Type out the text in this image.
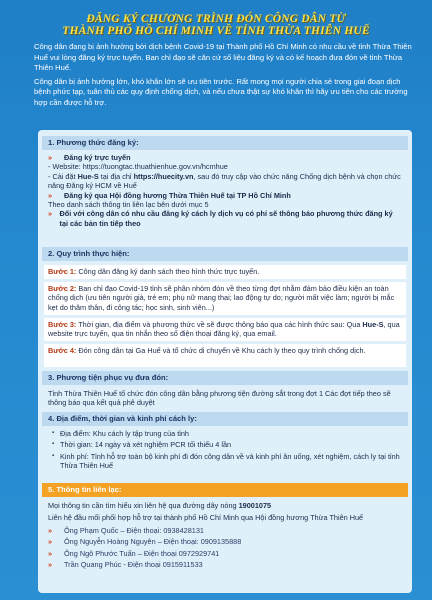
ĐĂNG KÝ CHƯƠNG TRÌNH ĐÓN CÔNG DÂN TỪ
THÀNH PHỐ HỒ CHÍ MINH VỀ TỈNH THỪA THIÊN HUẾ

Công dân đang bị ảnh hưởng bởi dịch bệnh Covid-19 tại Thành phố Hồ Chí Minh có nhu cầu về tỉnh Thừa Thiên Huế vui lòng đăng ký trực tuyến. Ban chỉ đạo sẽ căn cứ số liệu đăng ký và có kế hoạch đưa đón về tỉnh Thừa Thiên Huế.

Công dân bị ảnh hưởng lớn, khó khăn lớn sẽ ưu tiên trước. Rất mong mọi người chia sẻ trong giai đoạn dịch bệnh phức tạp, tuân thủ các quy định chống dịch, và nếu chưa thật sự khó khăn thì hãy ưu tiên cho các trường hợp cần được hỗ trợ.

1. Phương thức đăng ký:
» Đăng ký trực tuyến
- Website: https://tuongtac.thuathienhue.gov.vn/hcmhue
- Cài đặt Hue-S tại địa chỉ https://huecity.vn, sau đó truy cập vào chức năng Chống dịch bệnh và chọn chức năng Đăng ký HCM về Huế
» Đăng ký qua Hội đồng hương Thừa Thiên Huế tại TP Hồ Chí Minh
Theo danh sách thông tin liên lạc bên dưới mục 5
»	Đối với công dân có nhu cầu đăng ký cách ly dịch vụ có phí sẽ thông báo phương thức đăng ký tại các bản tin tiếp theo
2. Quy trình thực hiện:
Bước 1: Công dân đăng ký danh sách theo hình thức trực tuyến.
Bước 2: Ban chỉ đạo Covid-19 tỉnh sẽ phân nhóm đón về theo từng đợt nhằm đảm bảo điều kiện an toàn chống dịch (ưu tiên người già, trẻ em; phụ nữ mang thai; lao động tự do; người mất việc làm; người bị mắc kẹt do thăm thân, đi công tác; học sinh, sinh viên...)
Bước 3: Thời gian, địa điểm và phương thức về sẽ được thông báo qua các hình thức sau: Qua Hue-S, qua website trực tuyến, qua tin nhắn theo số điện thoại đăng ký, qua email.
Bước 4: Đón công dân tại Ga Huế và tổ chức di chuyển về Khu cách ly theo quy trình chống dịch.
3. Phương tiện phục vụ đưa đón:
Tỉnh Thừa Thiên Huế tổ chức đón công dân bằng phương tiện đường sắt trong đợt 1 Các đợt tiếp theo sẽ thông báo qua kết quả phê duyệt
4. Địa điểm, thời gian và kinh phí cách ly:
▪ Địa điểm: Khu cách ly tập trung của tỉnh
▪ Thời gian: 14 ngày và xét nghiệm PCR tối thiểu 4 lần
▪ Kinh phí: Tỉnh hỗ trợ toàn bộ kinh phí đi đón công dân về và kinh phí ăn uống, xét nghiệm, cách ly tại tỉnh Thừa Thiên Huế
5. Thông tin liên lạc:
Mọi thông tin cần tìm hiểu xin liên hệ qua đường dây nóng 19001075
Liên hệ đầu mối phối hợp hỗ trợ tại thành phố Hồ Chí Minh qua Hội đồng hương Thừa Thiên Huế
» Ông Phạm Quốc – Điện thoại: 0938428131
» Ông Nguyễn Hoàng Nguyên – Điện thoại: 0909135888
» Ông Ngô Phước Tuấn – Điện thoại 0972929741
» Trần Quang Phúc - Điện thoại 0915911533
